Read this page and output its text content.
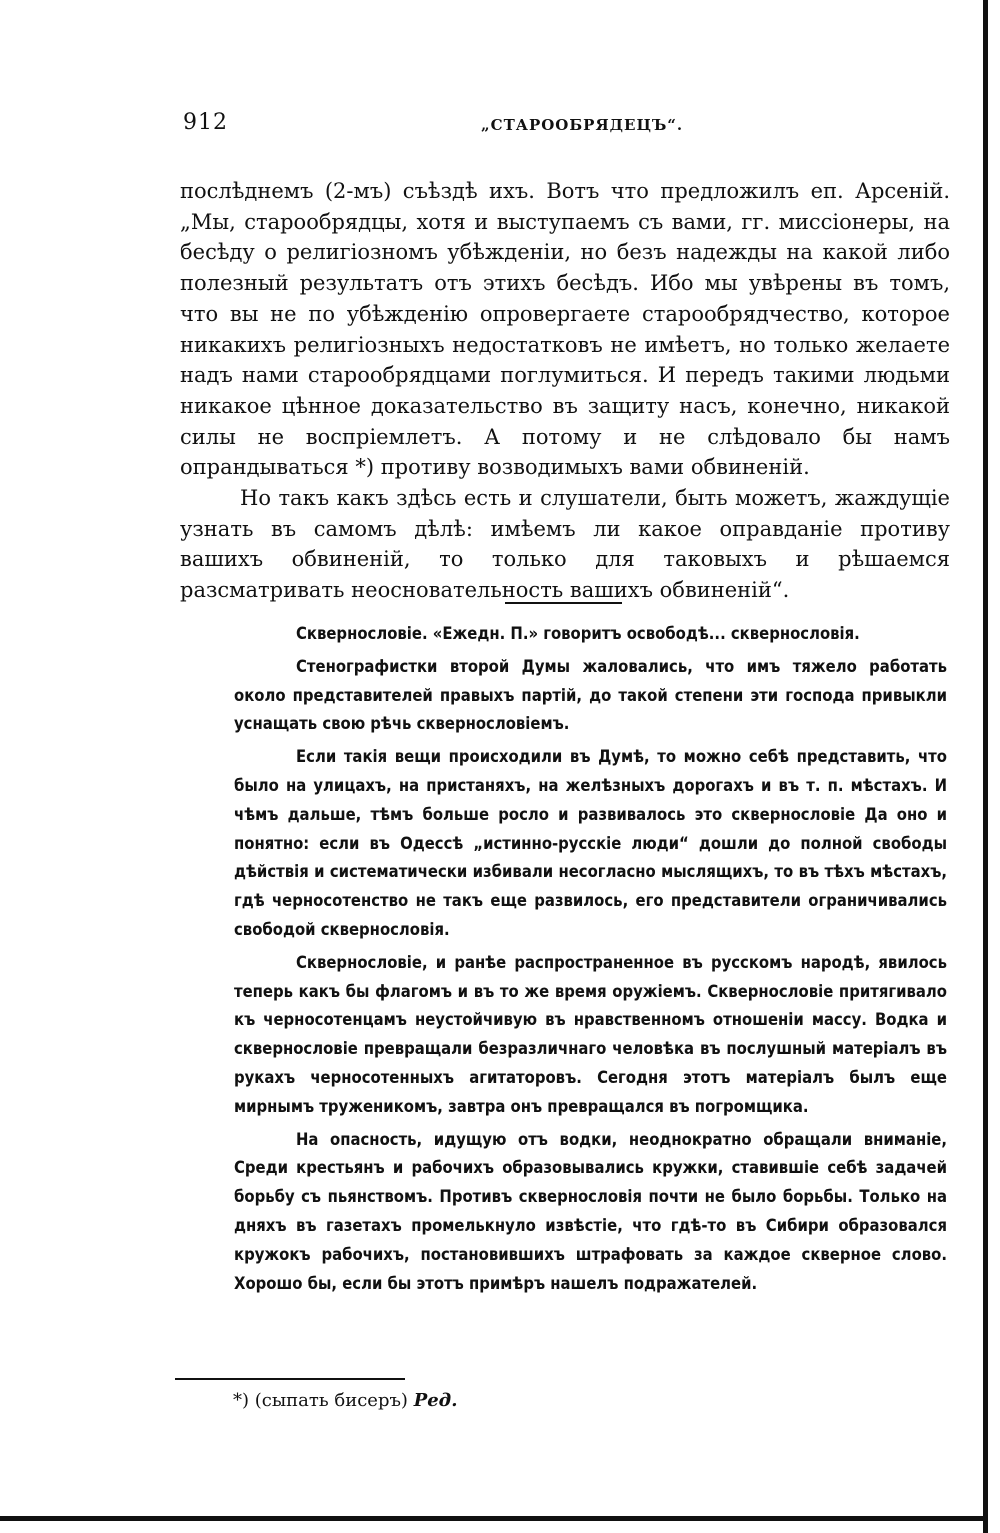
912	„СТАРООБРЯДЕЦЪ“.

послѣднемъ (2-мъ) съѣздѣ ихъ. Вотъ что предложилъ еп. Арсеній. „Мы, старообрядцы, хотя и выступаемъ съ вами, гг. миссіонеры, на бесѣду о религіозномъ убѣжденіи, но безъ надежды на какой либо полезный результатъ отъ этихъ бесѣдъ. Ибо мы увѣрены въ томъ, что вы не по убѣжденію опровергаете старообрядчество, которое никакихъ религіозныхъ недостатковъ не имѣетъ, но только желаете надъ нами старообрядцами поглумиться. И передъ такими людьми никакое цѣнное доказательство въ защиту насъ, конечно, никакой силы не воспріемлетъ. А потому и не слѣдовало бы намъ опрандываться *) противу возводимыхъ вами обвиненій.

Но такъ какъ здѣсь есть и слушатели, быть можетъ, жаждущіе узнать въ самомъ дѣлѣ: имѣемъ ли какое оправданіе противу вашихъ обвиненій, то только для таковыхъ и рѣшаемся разсматривать неосновательность вашихъ обвиненій“.

Сквернословіе. «Ежедн. П.» говоритъ освободѣ... сквернословія.

Стенографистки второй Думы жаловались, что имъ тяжело работать около представителей правыхъ партій, до такой степени эти господа привыкли уснащать свою рѣчь сквернословіемъ.

Если такія вещи происходили въ Думѣ, то можно себѣ представить, что было на улицахъ, на пристаняхъ, на желѣзныхъ дорогахъ и въ т. п. мѣстахъ. И чѣмъ дальше, тѣмъ больше росло и развивалось это сквернословіе Да оно и понятно: если въ Одессѣ „истинно-русскіе люди“ дошли до полной свободы дѣйствія и систематически избивали несогласно мыслящихъ, то въ тѣхъ мѣстахъ, гдѣ черносотенство не такъ еще развилось, его представители ограничивались свободой сквернословія.

Сквернословіе, и ранѣе распространенное въ русскомъ народѣ, явилось теперь какъ бы флагомъ и въ то же время оружіемъ. Сквернословіе притягивало къ черносотенцамъ неустойчивую въ нравственномъ отношеніи массу. Водка и сквернословіе превращали безразличнаго человѣка въ послушный матеріалъ въ рукахъ черносотенныхъ агитаторовъ. Сегодня этотъ матеріалъ былъ еще мирнымъ труженикомъ, завтра онъ превращался въ погромщика.

На опасность, идущую отъ водки, неоднократно обращали вниманіе, Среди крестьянъ и рабочихъ образовывались кружки, ставившіе себѣ задачей борьбу съ пьянствомъ. Противъ сквернословія почти не было борьбы. Только на дняхъ въ газетахъ промелькнуло извѣстіе, что гдѣ-то въ Сибири образовался кружокъ рабочихъ, постановившихъ штрафовать за каждое скверное слово. Хорошо бы, если бы этотъ примѣръ нашелъ подражателей.

*) (сыпать бисеръ) Ред.
